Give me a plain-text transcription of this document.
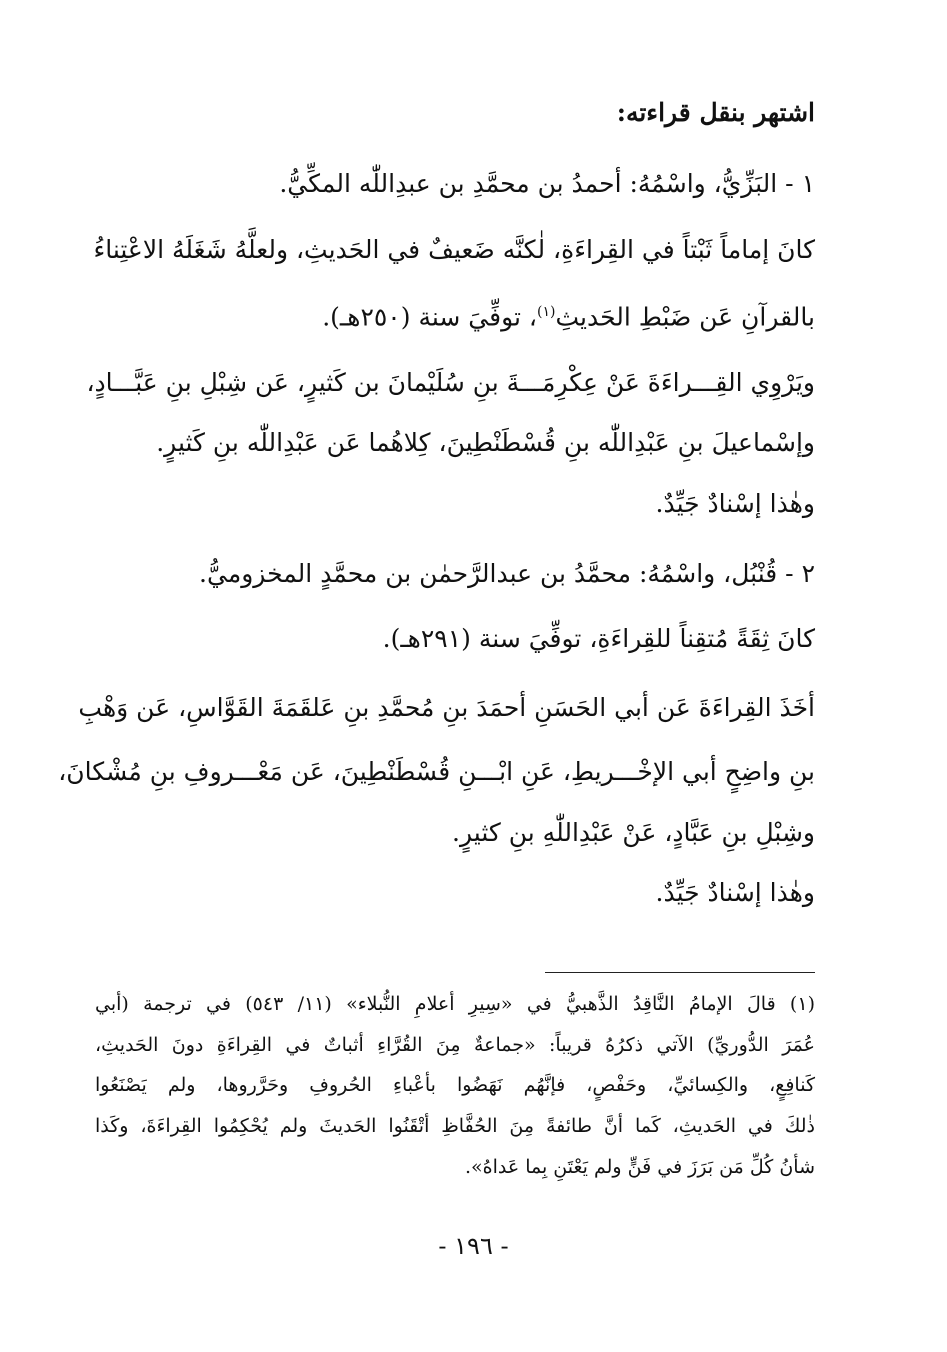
اشتهر بنقل قراءته:
١ - البَزِّيُّ، واسْمُهُ: أحمدُ بن محمَّدِ بن عبدِاللّٰه المكِّيُّ.
كانَ إماماً ثَبْتاً في القِراءَةِ، لٰكنَّه ضَعيفٌ في الحَديثِ، ولعلَّهُ شَغَلَهُ الاعْتِناءُ
بالقرآنِ عَن ضَبْطِ الحَديثِ$^{(١)}$، توفِّيَ سنة (٢٥٠هـ).
ويَرْوِي القِـــراءَةَ عَنْ عِكْرِمَـــةَ بنِ سُلَيْمانَ بن كَثيرٍ، عَن شِبْلِ بنِ عَبَّـــادٍ،
وإسْماعيلَ بنِ عَبْدِاللّٰه بنِ قُسْطَنْطِينَ، كِلاهُما عَن عَبْدِاللّٰه بنِ كَثيرٍ.
وهٰذا إسْنادٌ جَيِّدٌ.
٢ - قُنْبُل، واسْمُهُ: محمَّدُ بن عبدالرَّحمٰن بن محمَّدٍ المخزوميُّ.
كانَ ثِقَةً مُتقِناً للقِراءَةِ، توفِّيَ سنة (٢٩١هـ).
أخَذَ القِراءَةَ عَن أبي الحَسَنِ أحمَدَ بنِ مُحمَّدِ بنِ عَلقَمَةَ القَوَّاسِ، عَن وَهْبِ
بنِ واضِحٍ أبي الإخْـــريطِ، عَنِ ابْـــنِ قُسْطَنْطِينَ، عَن مَعْـــروفِ بنِ مُشْكانَ،
وشِبْلِ بنِ عَبَّادٍ، عَنْ عَبْدِاللّٰهِ بنِ كثيرٍ.
وهٰذا إسْنادٌ جَيِّدٌ.
(١) قالَ الإمامُ النَّاقِدُ الذَّهبيُّ في «سِيرِ أعلامِ النُّبلاء» (١١/ ٥٤٣) في ترجمة (أبي
عُمَرَ الدُّوريِّ) الآتي ذكرُهُ قريباً: «جماعةٌ مِنَ القُرَّاءِ أثباتٌ في القِراءَةِ دونَ الحَديثِ،
كَنافِعٍ، والكِسائيِّ، وحَفْصٍ، فإنَّهُم نَهَضُوا بأعْباءِ الحُروفِ وحَرَّروها، ولم يَصْنَعُوا
ذٰلكَ في الحَديثِ، كَما أنَّ طائفةً مِنَ الحُفَّاظِ أتْقَنُوا الحَديثَ ولم يُحْكِمُوا القِراءَةَ، وكَذا
شأنُ كُلِّ مَن بَرَزَ في فَنٍّ ولم يَعْتَنِ بِما عَداهُ».
- ١٩٦ -
